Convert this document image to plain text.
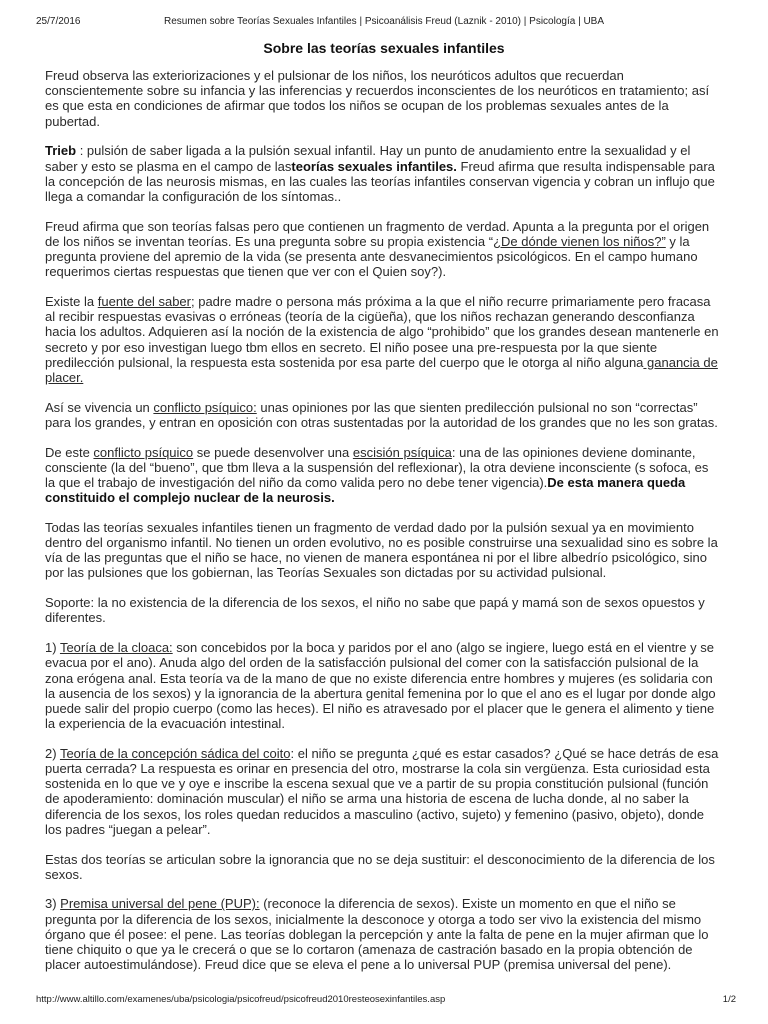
25/7/2016	Resumen sobre Teorías Sexuales Infantiles | Psicoanálisis Freud (Laznik - 2010) | Psicología | UBA
Sobre las teorías sexuales infantiles

Freud observa las exteriorizaciones y el pulsionar de los niños, los neuróticos adultos que recuerdan conscientemente sobre su infancia y las inferencias y recuerdos inconscientes de los neuróticos en tratamiento; así es que esta en condiciones de afirmar que todos los niños se ocupan de los problemas sexuales antes de la pubertad.

Trieb : pulsión de saber ligada a la pulsión sexual infantil. Hay un punto de anudamiento entre la sexualidad y el saber y esto se plasma en el campo de lasteorías sexuales infantiles. Freud afirma que resulta indispensable para la concepción de las neurosis mismas, en las cuales las teorías infantiles conservan vigencia y cobran un influjo que llega a comandar la configuración de los síntomas..

Freud afirma que son teorías falsas pero que contienen un fragmento de verdad. Apunta a la pregunta por el origen de los niños se inventan teorías. Es una pregunta sobre su propia existencia “¿De dónde vienen los niños?” y la pregunta proviene del apremio de la vida (se presenta ante desvanecimientos psicológicos. En el campo humano requerimos ciertas respuestas que tienen que ver con el Quien soy?).

Existe la fuente del saber; padre madre o persona más próxima a la que el niño recurre primariamente pero fracasa al recibir respuestas evasivas o erróneas (teoría de la cigüeña), que los niños rechazan generando desconfianza hacia los adultos. Adquieren así la noción de la existencia de algo “prohibido” que los grandes desean mantenerle en secreto y por eso investigan luego tbm ellos en secreto. El niño posee una pre-respuesta por la que siente predilección pulsional, la respuesta esta sostenida por esa parte del cuerpo que le otorga al niño alguna ganancia de placer.

Así se vivencia un conflicto psíquico: unas opiniones por las que sienten predilección pulsional no son “correctas” para los grandes, y entran en oposición con otras sustentadas por la autoridad de los grandes que no les son gratas.

De este conflicto psíquico se puede desenvolver una escisión psíquica: una de las opiniones deviene dominante, consciente (la del “bueno”, que tbm lleva a la suspensión del reflexionar), la otra deviene inconsciente (s sofoca, es la que el trabajo de investigación del niño da como valida pero no debe tener vigencia).De esta manera queda constituido el complejo nuclear de la neurosis.

Todas las teorías sexuales infantiles tienen un fragmento de verdad dado por la pulsión sexual ya en movimiento dentro del organismo infantil. No tienen un orden evolutivo, no es posible construirse una sexualidad sino es sobre la vía de las preguntas que el niño se hace, no vienen de manera espontánea ni por el libre albedrío psicológico, sino por las pulsiones que los gobiernan, las Teorías Sexuales son dictadas por su actividad pulsional.

Soporte: la no existencia de la diferencia de los sexos, el niño no sabe que papá y mamá son de sexos opuestos y diferentes.

1) Teoría de la cloaca: son concebidos por la boca y paridos por el ano (algo se ingiere, luego está en el vientre y se evacua por el ano). Anuda algo del orden de la satisfacción pulsional del comer con la satisfacción pulsional de la zona erógena anal. Esta teoría va de la mano de que no existe diferencia entre hombres y mujeres (es solidaria con la ausencia de los sexos) y la ignorancia de la abertura genital femenina por lo que el ano es el lugar por donde algo puede salir del propio cuerpo (como las heces). El niño es atravesado por el placer que le genera el alimento y tiene la experiencia de la evacuación intestinal.

2) Teoría de la concepción sádica del coito: el niño se pregunta ¿qué es estar casados? ¿Qué se hace detrás de esa puerta cerrada? La respuesta es orinar en presencia del otro, mostrarse la cola sin vergüenza. Esta curiosidad esta sostenida en lo que ve y oye e inscribe la escena sexual que ve a partir de su propia constitución pulsional (función de apoderamiento: dominación muscular) el niño se arma una historia de escena de lucha donde, al no saber la diferencia de los sexos, los roles quedan reducidos a masculino (activo, sujeto) y femenino (pasivo, objeto), donde los padres “juegan a pelear”.

Estas dos teorías se articulan sobre la ignorancia que no se deja sustituir: el desconocimiento de la diferencia de los sexos.

3) Premisa universal del pene (PUP): (reconoce la diferencia de sexos). Existe un momento en que el niño se pregunta por la diferencia de los sexos, inicialmente la desconoce y otorga a todo ser vivo la existencia del mismo órgano que él posee: el pene. Las teorías doblegan la percepción y ante la falta de pene en la mujer afirman que lo tiene chiquito o que ya le crecerá o que se lo cortaron (amenaza de castración basado en la propia obtención de placer autoestimulándose). Freud dice que se eleva el pene a lo universal PUP (premisa universal del pene).

http://www.altillo.com/examenes/uba/psicologia/psicofreud/psicofreud2010resteosexinfantiles.asp	1/2
